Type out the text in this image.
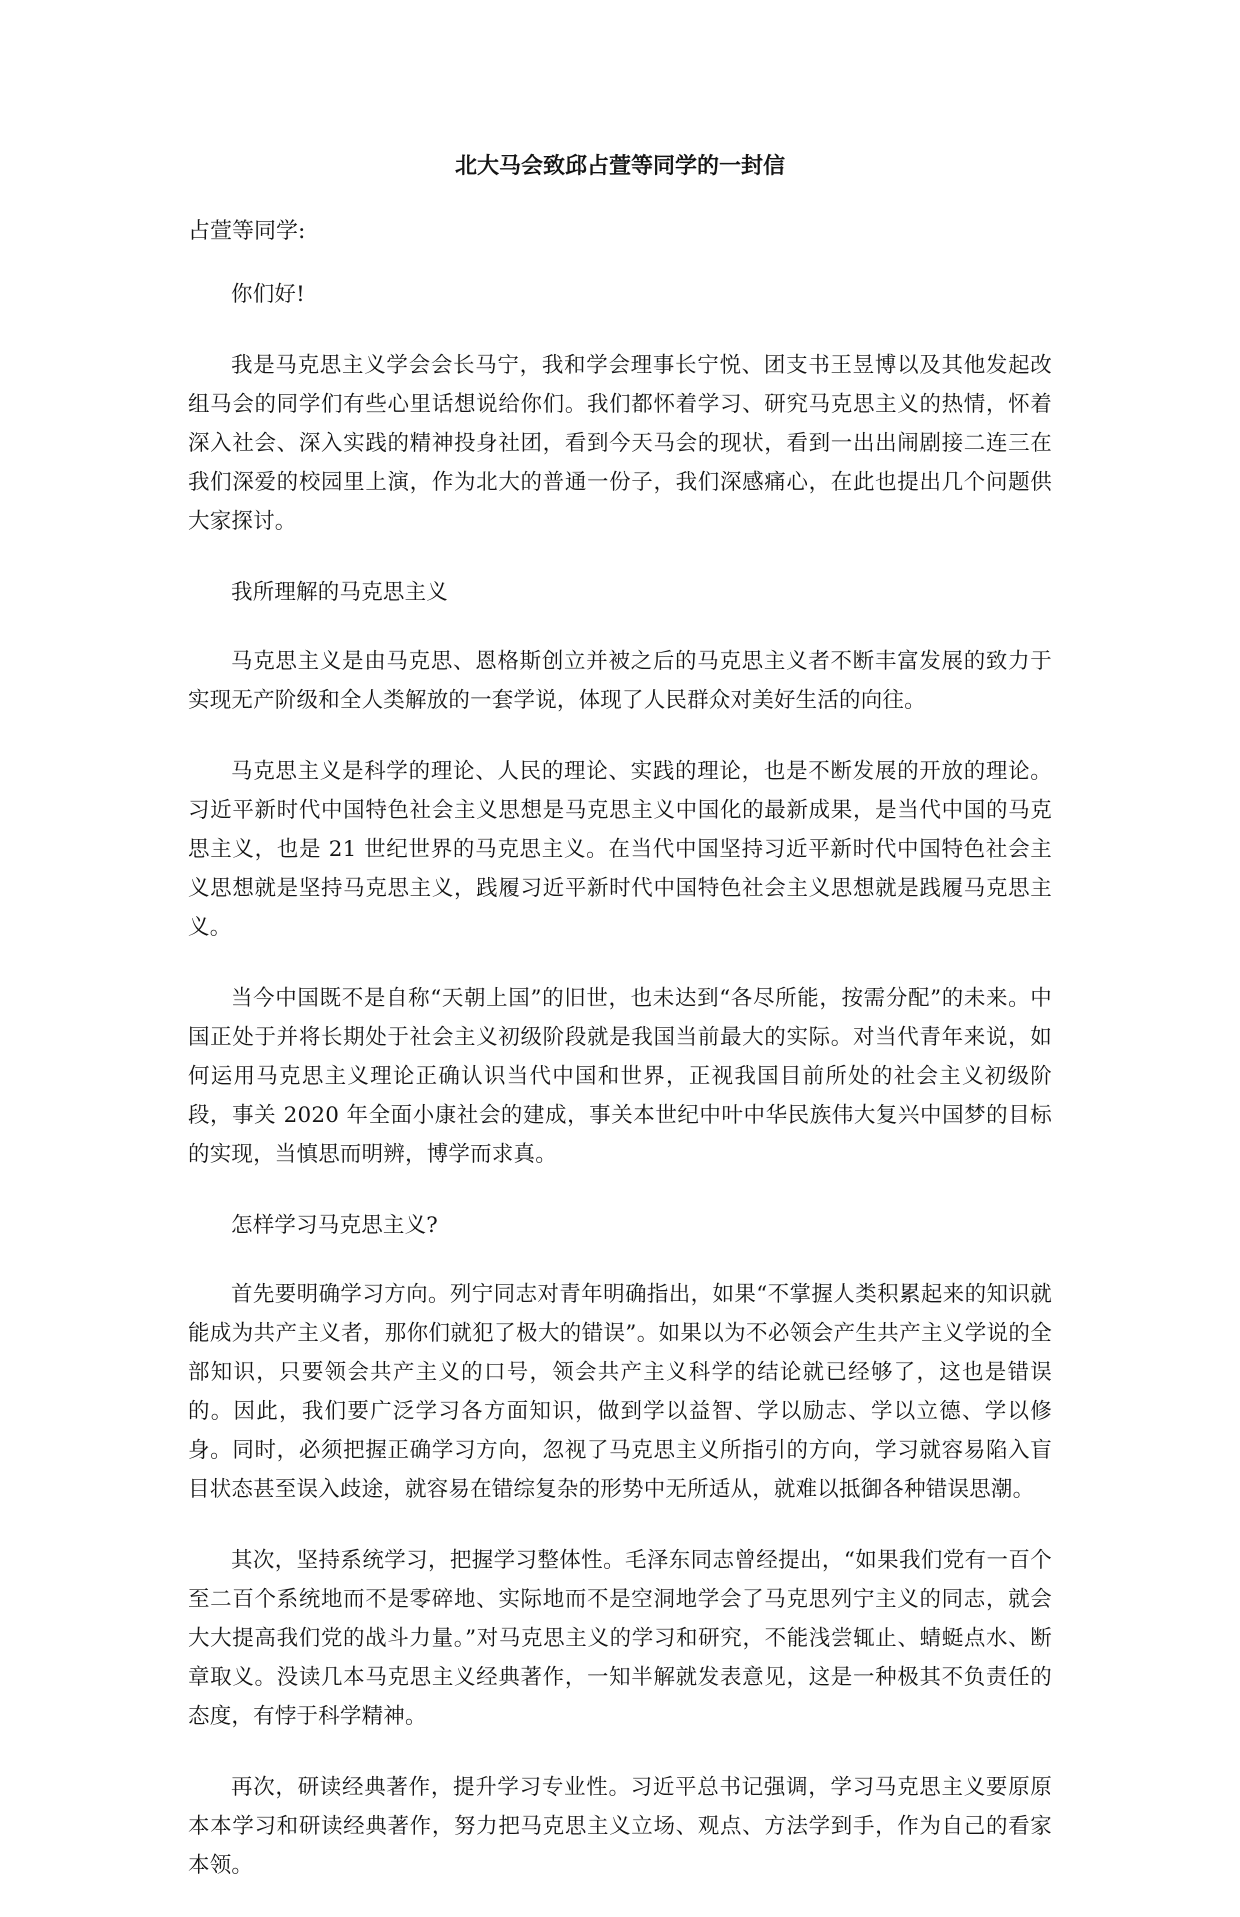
北大马会致邱占萱等同学的一封信

占萱等同学:

你们好!

我是马克思主义学会会长马宁，我和学会理事长宁悦、团支书王昱博以及其他发起改组马会的同学们有些心里话想说给你们。我们都怀着学习、研究马克思主义的热情，怀着深入社会、深入实践的精神投身社团，看到今天马会的现状，看到一出出闹剧接二连三在我们深爱的校园里上演，作为北大的普通一份子，我们深感痛心，在此也提出几个问题供大家探讨。

我所理解的马克思主义

马克思主义是由马克思、恩格斯创立并被之后的马克思主义者不断丰富发展的致力于实现无产阶级和全人类解放的一套学说，体现了人民群众对美好生活的向往。

马克思主义是科学的理论、人民的理论、实践的理论，也是不断发展的开放的理论。习近平新时代中国特色社会主义思想是马克思主义中国化的最新成果，是当代中国的马克思主义，也是 21 世纪世界的马克思主义。在当代中国坚持习近平新时代中国特色社会主义思想就是坚持马克思主义，践履习近平新时代中国特色社会主义思想就是践履马克思主义。

当今中国既不是自称“天朝上国”的旧世，也未达到“各尽所能，按需分配”的未来。中国正处于并将长期处于社会主义初级阶段就是我国当前最大的实际。对当代青年来说，如何运用马克思主义理论正确认识当代中国和世界，正视我国目前所处的社会主义初级阶段，事关 2020 年全面小康社会的建成，事关本世纪中叶中华民族伟大复兴中国梦的目标的实现，当慎思而明辨，博学而求真。

怎样学习马克思主义?

首先要明确学习方向。列宁同志对青年明确指出，如果“不掌握人类积累起来的知识就能成为共产主义者，那你们就犯了极大的错误”。如果以为不必领会产生共产主义学说的全部知识，只要领会共产主义的口号，领会共产主义科学的结论就已经够了，这也是错误的。因此，我们要广泛学习各方面知识，做到学以益智、学以励志、学以立德、学以修身。同时，必须把握正确学习方向，忽视了马克思主义所指引的方向，学习就容易陷入盲目状态甚至误入歧途，就容易在错综复杂的形势中无所适从，就难以抵御各种错误思潮。

其次，坚持系统学习，把握学习整体性。毛泽东同志曾经提出，“如果我们党有一百个至二百个系统地而不是零碎地、实际地而不是空洞地学会了马克思列宁主义的同志，就会大大提高我们党的战斗力量。”对马克思主义的学习和研究，不能浅尝辄止、蜻蜓点水、断章取义。没读几本马克思主义经典著作，一知半解就发表意见，这是一种极其不负责任的态度，有悖于科学精神。

再次，研读经典著作，提升学习专业性。习近平总书记强调，学习马克思主义要原原本本学习和研读经典著作，努力把马克思主义立场、观点、方法学到手，作为自己的看家本领。
